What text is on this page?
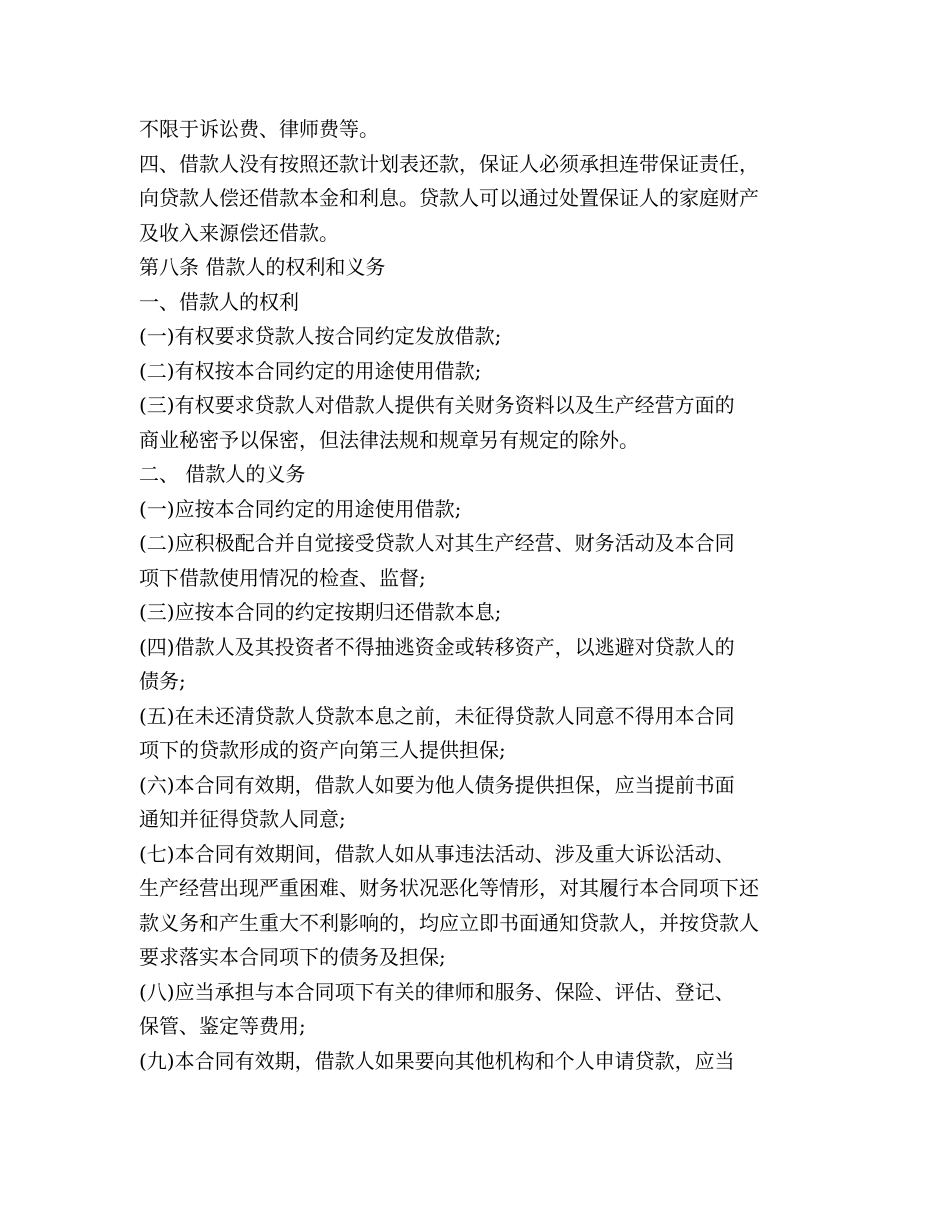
不限于诉讼费、律师费等。
四、借款人没有按照还款计划表还款，保证人必须承担连带保证责任，
向贷款人偿还借款本金和利息。贷款人可以通过处置保证人的家庭财产
及收入来源偿还借款。
第八条 借款人的权利和义务
一、借款人的权利
(一)有权要求贷款人按合同约定发放借款;
(二)有权按本合同约定的用途使用借款;
(三)有权要求贷款人对借款人提供有关财务资料以及生产经营方面的
商业秘密予以保密，但法律法规和规章另有规定的除外。
二、 借款人的义务
(一)应按本合同约定的用途使用借款;
(二)应积极配合并自觉接受贷款人对其生产经营、财务活动及本合同
项下借款使用情况的检查、监督;
(三)应按本合同的约定按期归还借款本息;
(四)借款人及其投资者不得抽逃资金或转移资产，以逃避对贷款人的
债务;
(五)在未还清贷款人贷款本息之前，未征得贷款人同意不得用本合同
项下的贷款形成的资产向第三人提供担保;
(六)本合同有效期，借款人如要为他人债务提供担保，应当提前书面
通知并征得贷款人同意;
(七)本合同有效期间，借款人如从事违法活动、涉及重大诉讼活动、
生产经营出现严重困难、财务状况恶化等情形，对其履行本合同项下还
款义务和产生重大不利影响的，均应立即书面通知贷款人，并按贷款人
要求落实本合同项下的债务及担保;
(八)应当承担与本合同项下有关的律师和服务、保险、评估、登记、
保管、鉴定等费用;
(九)本合同有效期，借款人如果要向其他机构和个人申请贷款，应当
